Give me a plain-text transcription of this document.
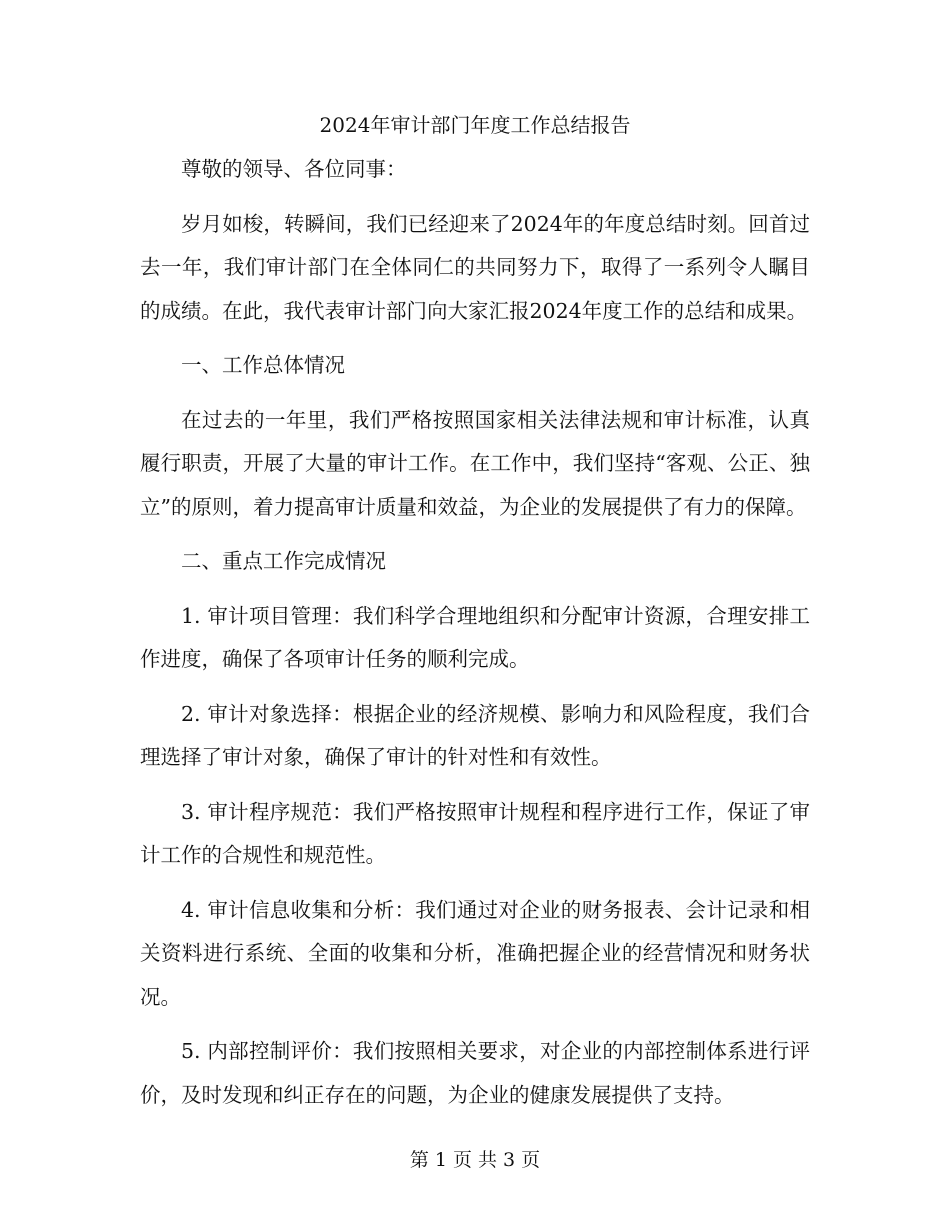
2024年审计部门年度工作总结报告

尊敬的领导、各位同事：

岁月如梭，转瞬间，我们已经迎来了2024年的年度总结时刻。回首过去一年，我们审计部门在全体同仁的共同努力下，取得了一系列令人瞩目的成绩。在此，我代表审计部门向大家汇报2024年度工作的总结和成果。

一、工作总体情况

在过去的一年里，我们严格按照国家相关法律法规和审计标准，认真履行职责，开展了大量的审计工作。在工作中，我们坚持“客观、公正、独立”的原则，着力提高审计质量和效益，为企业的发展提供了有力的保障。

二、重点工作完成情况

1. 审计项目管理：我们科学合理地组织和分配审计资源，合理安排工作进度，确保了各项审计任务的顺利完成。

2. 审计对象选择：根据企业的经济规模、影响力和风险程度，我们合理选择了审计对象，确保了审计的针对性和有效性。

3. 审计程序规范：我们严格按照审计规程和程序进行工作，保证了审计工作的合规性和规范性。

4. 审计信息收集和分析：我们通过对企业的财务报表、会计记录和相关资料进行系统、全面的收集和分析，准确把握企业的经营情况和财务状况。

5. 内部控制评价：我们按照相关要求，对企业的内部控制体系进行评价，及时发现和纠正存在的问题，为企业的健康发展提供了支持。

第 1 页 共 3 页
